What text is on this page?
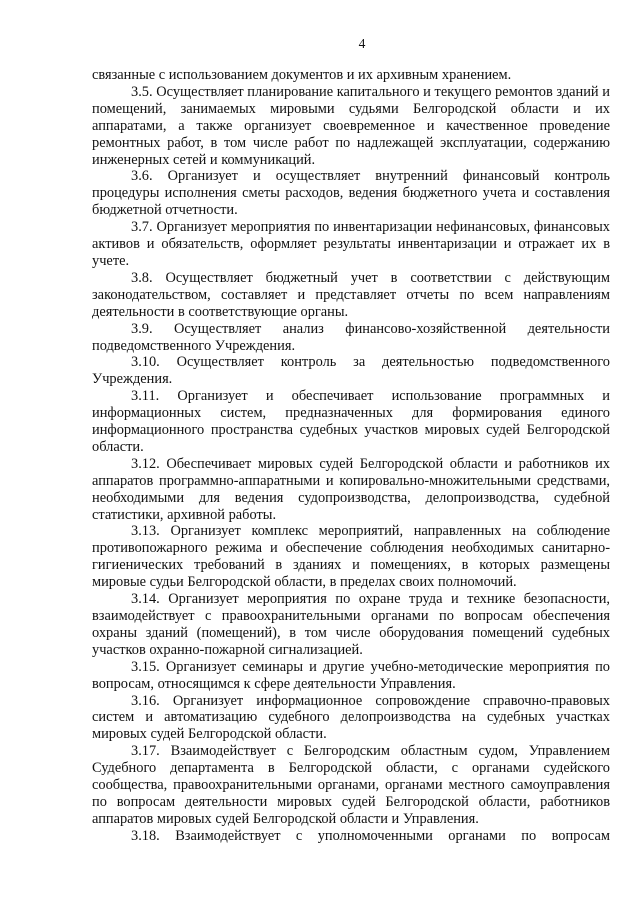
4

связанные с использованием документов и их архивным хранением.

3.5. Осуществляет планирование капитального и текущего ремонтов зданий и помещений, занимаемых мировыми судьями Белгородской области и их аппаратами, а также организует своевременное и качественное проведение ремонтных работ, в том числе работ по надлежащей эксплуатации, содержанию инженерных сетей и коммуникаций.

3.6. Организует и осуществляет внутренний финансовый контроль процедуры исполнения сметы расходов, ведения бюджетного учета и составления бюджетной отчетности.

3.7. Организует мероприятия по инвентаризации нефинансовых, финансовых активов и обязательств, оформляет результаты инвентаризации и отражает их в учете.

3.8. Осуществляет бюджетный учет в соответствии с действующим законодательством, составляет и представляет отчеты по всем направлениям деятельности в соответствующие органы.

3.9. Осуществляет анализ финансово-хозяйственной деятельности подведомственного Учреждения.

3.10. Осуществляет контроль за деятельностью подведомственного Учреждения.

3.11. Организует и обеспечивает использование программных и информационных систем, предназначенных для формирования единого информационного пространства судебных участков мировых судей Белгородской области.

3.12. Обеспечивает мировых судей Белгородской области и работников их аппаратов программно-аппаратными и копировально-множительными средствами, необходимыми для ведения судопроизводства, делопроизводства, судебной статистики, архивной работы.

3.13. Организует комплекс мероприятий, направленных на соблюдение противопожарного режима и обеспечение соблюдения необходимых санитарно-гигиенических требований в зданиях и помещениях, в которых размещены мировые судьи Белгородской области, в пределах своих полномочий.

3.14. Организует мероприятия по охране труда и технике безопасности, взаимодействует с правоохранительными органами по вопросам обеспечения охраны зданий (помещений), в том числе оборудования помещений судебных участков охранно-пожарной сигнализацией.

3.15. Организует семинары и другие учебно-методические мероприятия по вопросам, относящимся к сфере деятельности Управления.

3.16. Организует информационное сопровождение справочно-правовых систем и автоматизацию судебного делопроизводства на судебных участках мировых судей Белгородской области.

3.17. Взаимодействует с Белгородским областным судом, Управлением Судебного департамента в Белгородской области, с органами судейского сообщества, правоохранительными органами, органами местного самоуправления по вопросам деятельности мировых судей Белгородской области, работников аппаратов мировых судей Белгородской области и Управления.

3.18. Взаимодействует с уполномоченными органами по вопросам
